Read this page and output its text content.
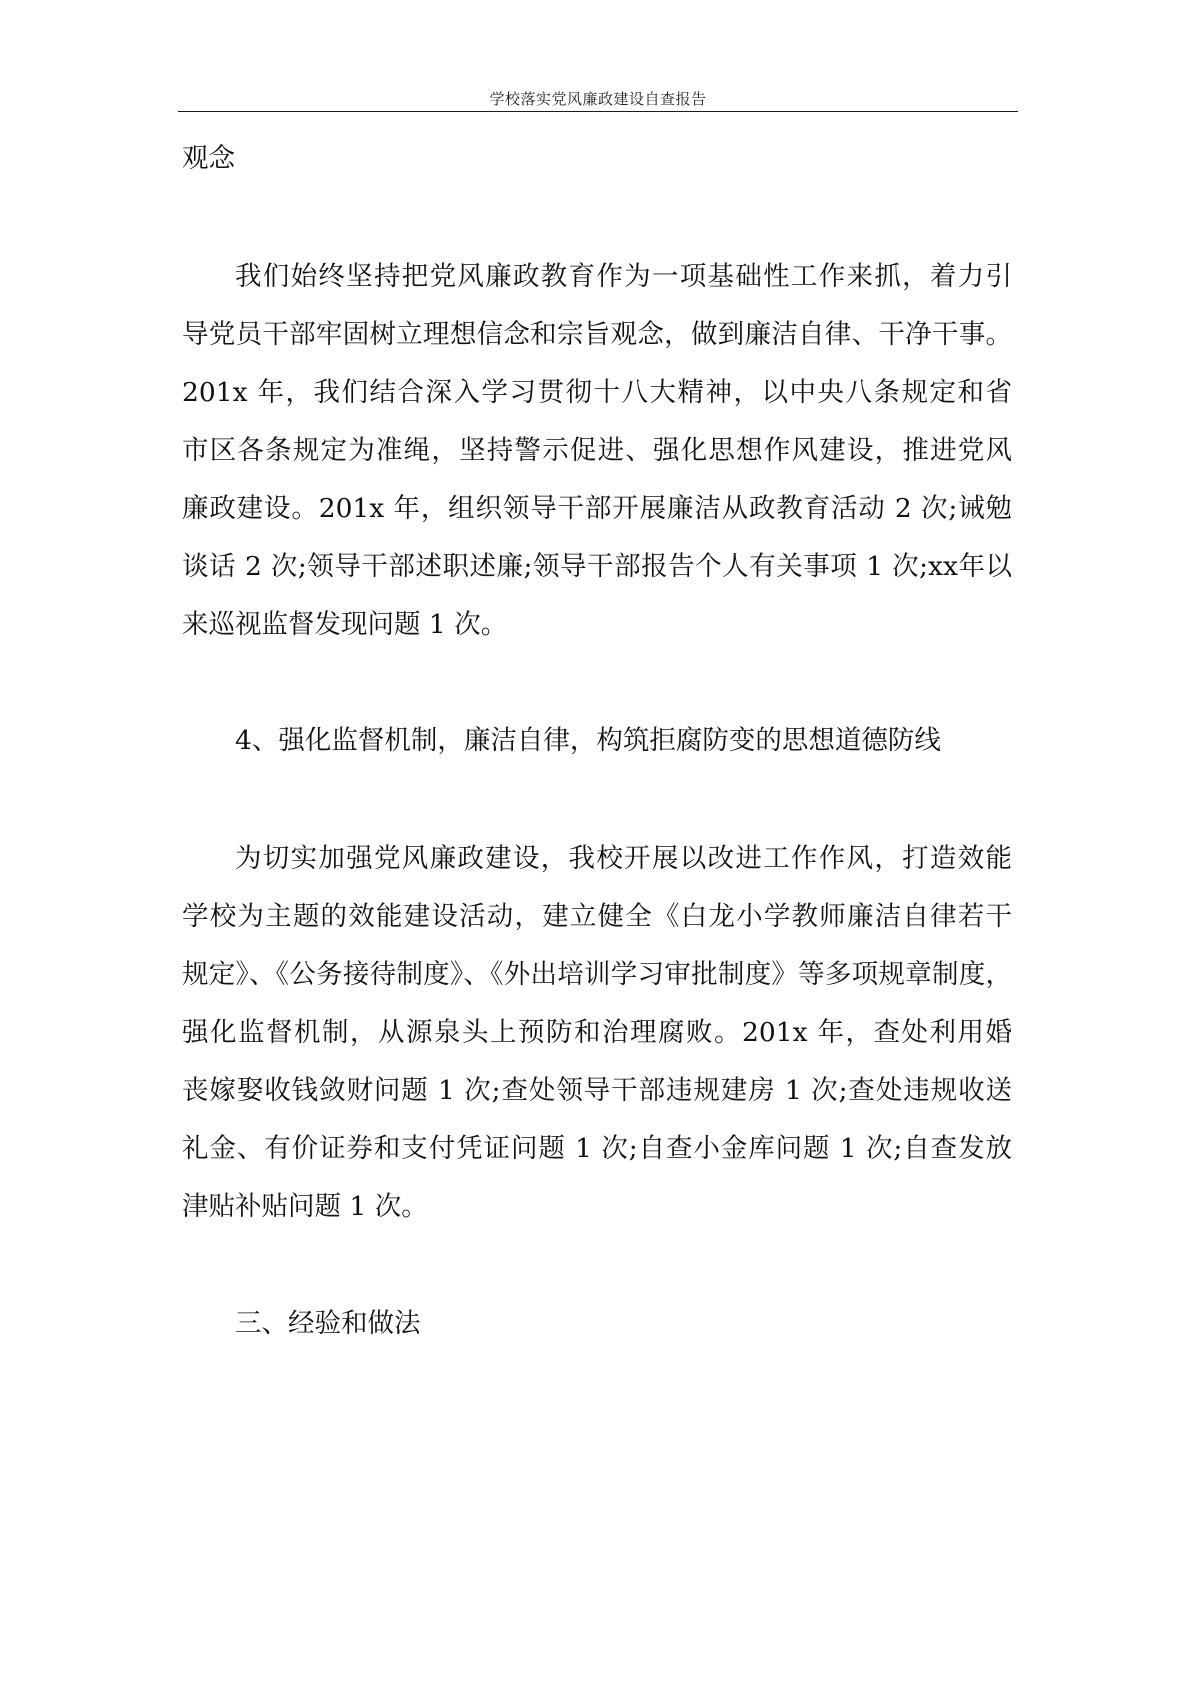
学校落实党风廉政建设自查报告
观念
我们始终坚持把党风廉政教育作为一项基础性工作来抓，着力引
导党员干部牢固树立理想信念和宗旨观念，做到廉洁自律、干净干事。
201x 年，我们结合深入学习贯彻十八大精神，以中央八条规定和省
市区各条规定为准绳，坚持警示促进、强化思想作风建设，推进党风
廉政建设。201x 年，组织领导干部开展廉洁从政教育活动 2 次;诫勉
谈话 2 次;领导干部述职述廉;领导干部报告个人有关事项 1 次;xx年以
来巡视监督发现问题 1 次。
4、强化监督机制，廉洁自律，构筑拒腐防变的思想道德防线
为切实加强党风廉政建设，我校开展以改进工作作风，打造效能
学校为主题的效能建设活动，建立健全《白龙小学教师廉洁自律若干
规定》、《公务接待制度》、《外出培训学习审批制度》等多项规章制度，
强化监督机制，从源泉头上预防和治理腐败。201x 年，查处利用婚
丧嫁娶收钱敛财问题 1 次;查处领导干部违规建房 1 次;查处违规收送
礼金、有价证券和支付凭证问题 1 次;自查小金库问题 1 次;自查发放
津贴补贴问题 1 次。
三、经验和做法
